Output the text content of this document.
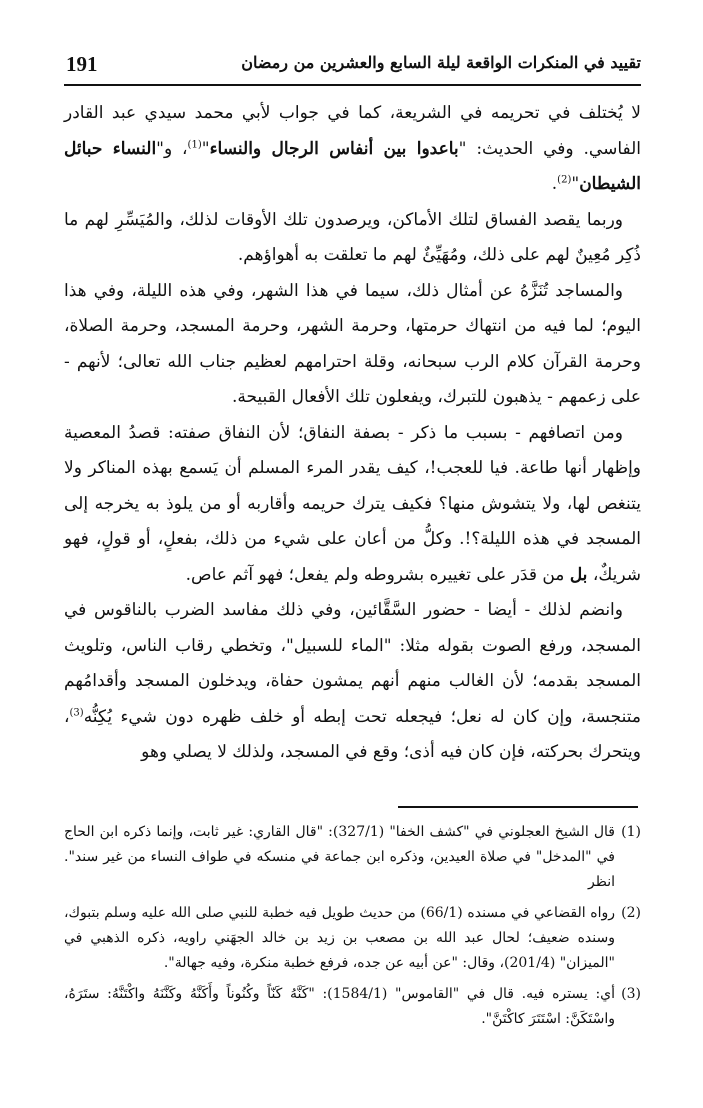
191	تقييد في المنكرات الواقعة ليلة السابع والعشرين من رمضان

لا يُختلف في تحريمه في الشريعة، كما في جواب لأبي محمد سيدي عبد القادر الفاسي. وفي الحديث: "باعدوا بين أنفاس الرجال والنساء"$^{(1)}$، و"النساء حبائل الشيطان"$^{(2)}$.

وربما يقصد الفساق لتلك الأماكن، ويرصدون تلك الأوقات لذلك، والمُيَسِّرِ لهم ما ذُكِر مُعِينٌ لهم على ذلك، ومُهَيِّئٌ لهم ما تعلقت به أهواؤهم.

والمساجد تُنَزَّهُ عن أمثال ذلك، سيما في هذا الشهر، وفي هذه الليلة، وفي هذا اليوم؛ لما فيه من انتهاك حرمتها، وحرمة الشهر، وحرمة المسجد، وحرمة الصلاة، وحرمة القرآن كلام الرب سبحانه، وقلة احترامهم لعظيم جناب الله تعالى؛ لأنهم - على زعمهم - يذهبون للتبرك، ويفعلون تلك الأفعال القبيحة.

ومن اتصافهم - بسبب ما ذكر - بصفة النفاق؛ لأن النفاق صفته: قصدُ المعصية وإظهار أنها طاعة. فيا للعجب!، كيف يقدر المرء المسلم أن يَسمع بهذه المناكر ولا يتنغص لها، ولا يتشوش منها؟ فكيف يترك حريمه وأقاربه أو من يلوذ به يخرجه إلى المسجد في هذه الليلة؟!. وكلُّ من أعان على شيء من ذلك، بفعلٍ، أو قولٍ، فهو شريكٌ، بل من قدَر على تغييره بشروطه ولم يفعل؛ فهو آثم عاص.

وانضم لذلك - أيضا - حضور السَّقَّائين، وفي ذلك مفاسد الضرب بالناقوس في المسجد، ورفع الصوت بقوله مثلا: "الماء للسبيل"، وتخطي رقاب الناس، وتلويث المسجد بقدمه؛ لأن الغالب منهم أنهم يمشون حفاة، ويدخلون المسجد وأقدامُهم متنجسة، وإن كان له نعل؛ فيجعله تحت إبطه أو خلف ظهره دون شيء يُكِنُّه$^{(3)}$، ويتحرك بحركته، فإن كان فيه أذى؛ وقع في المسجد، ولذلك لا يصلي وهو

(1)
قال الشيخ العجلوني في "كشف الخفا" (327/1): "قال القاري: غير ثابت، وإنما ذكره ابن الحاج في "المدخل" في صلاة العيدين، وذكره ابن جماعة في منسكه في طواف النساء من غير سند". انظر
(2)
رواه القضاعي في مسنده (66/1) من حديث طويل فيه خطبة للنبي صلى الله عليه وسلم بتبوك، وسنده ضعيف؛ لحال عبد الله بن مصعب بن زيد بن خالد الجهَني راويه، ذكره الذهبي في "الميزان" (201/4)، وقال: "عن أبيه عن جده، فرفع خطبة منكرة، وفيه جهالة".
(3)
أي: يستره فيه. قال في "القاموس" (1584/1): "كَنَّهُ كَنّاً وكُنُوناً وأَكَنَّهُ وكَنَّنَهُ واكْتَنَّهُ: ستَرَهُ، واسْتَكَنَّ: اسْتَتَرَ كاكْتَنَّ".
